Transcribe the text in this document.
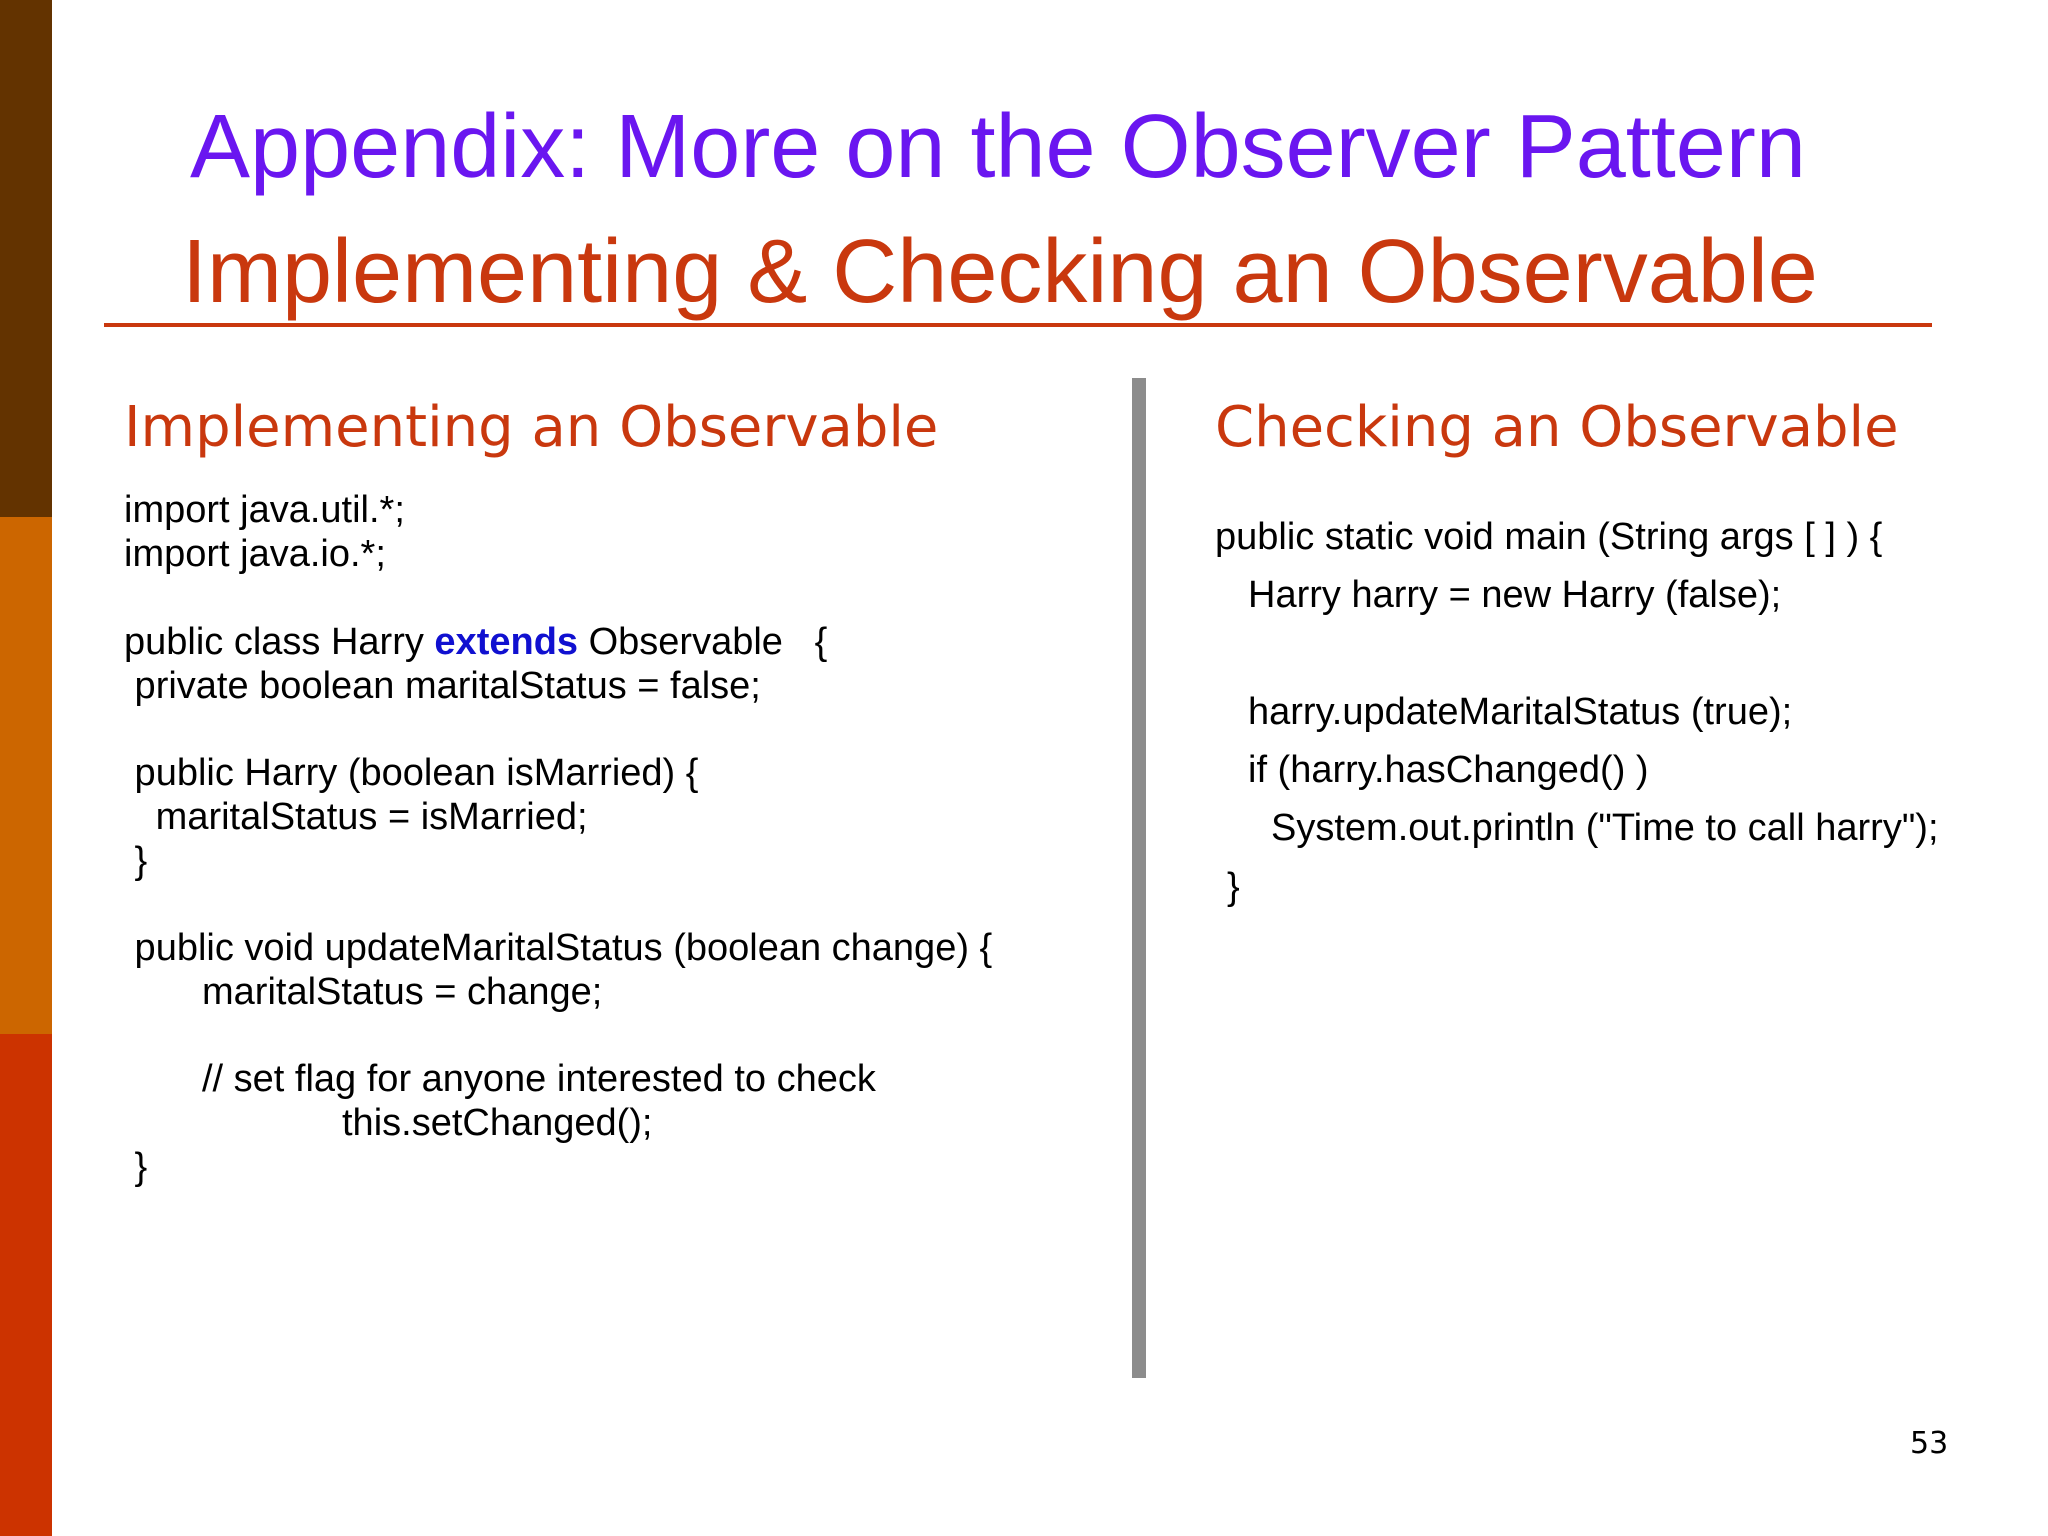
Appendix: More on the Observer Pattern
Implementing & Checking an Observable
Implementing an Observable
import java.util.*;
import java.io.*;
public class Harry extends Observable   {
private boolean maritalStatus = false;
public Harry (boolean isMarried) {
maritalStatus = isMarried;
}
public void updateMaritalStatus (boolean change) {
maritalStatus = change;
// set flag for anyone interested to check
this.setChanged();
}
Checking an Observable
public static void main (String args [ ] ) {
Harry harry = new Harry (false);
harry.updateMaritalStatus (true);
if (harry.hasChanged() )
System.out.println ("Time to call harry");
}
53
